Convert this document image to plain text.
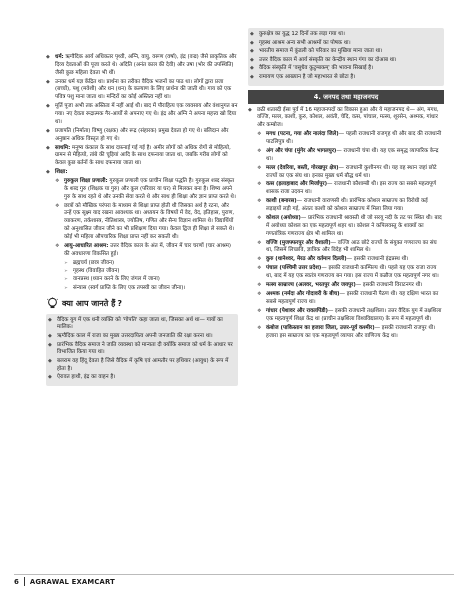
◆ धर्म: ऋग्वैदिक आर्य अधिकतर पृथ्वी, अग्नि, वायु, वरूण (वर्षा), इंद्र (वज्र) जैसे प्राकृतिक और दिव्य देवताओं की पूजा करते थे। अदिति (अनंत काल की देवी) और उषा (भोर की उपस्थिति) जैसी कुछ महिला देवता भी थीं।
◆ उनका धर्म यज्ञ केंद्रित था। प्रार्थना का तरीका वैदिक भजनों का पाठ था। लोगों द्वारा प्रजा (बच्चों), पशु (मवेशी) और धन (धन) के कल्याण के लिए प्रार्थना की जाती थी। गाय को एक पवित्र पशु माना जाता था। मन्दिरों का कोई अस्तित्व नहीं था।
◆ मूर्ति पूजा अभी तक अस्तित्व में नहीं आई थी। बाद में पौराहित्य एक व्यवसाय और वंशानुगत बन गया। नए देवता रूद्रात्मक गैर-आर्यों से अपनाए गए थे। इंद्र और अग्नि ने अपना महत्त्व खो दिया था।
◆ प्रजापति (निर्माता) विष्णु (रक्षक) और रूद्र (संहारक) प्रमुख देवता हो गए थे। बलिदान और अनुष्ठान अधिक विस्तृत हो गए थे।
◆ साथमि: मनुष्य कंकाल के साथ दफ़नाई गई गई है। अमीर लोगों को अधिक रोगों से मोहित्यो, ग्रामन से मेहित्यो, तांबे की चूड़ियां आदि के साथ दफनाया जाता था, जबकि गरीब लोगों को केवल कुछ बर्तनों के साथ दफनाया जाता था।
◆ शिक्षा:
❖ गुरुकुल शिक्षा प्रणाली: गुरुकुल प्रणाली एक प्राचीन शिक्षा पद्धति है। गुरुकुल शब्द संस्कृत के शब्द गुरु (शिक्षक या गुरु) और कुल (परिवार या घर) से मिलकर बना है। शिष्य अपने गुरु के साथ रहते थे और उनकी सेवा करते थे और साथ ही शिक्षा और ज्ञान प्राप्त करते थे।
❖ छात्रों को मौखिक परंपरा के माध्यम से शिक्षा प्राप्त होती थी जिसका अर्थ है रटना, और उन्हें एक सूक्ष्म याद रखना आवश्यक था। अध्ययन के विषयों में वेद, वेद, इतिहास, पुराण, व्याकरण, तर्कशास्त्र, नीतिशास्त्र, ज्योतिष, गणित और सैन्य विज्ञान शामिल थे। विद्यार्थियों को अनुशासित जीवन जीने का भी प्रशिक्षण दिया गया। केवल द्विज ही शिक्षा ले सकते थे। कोई भी महिला औपचारिक शिक्षा प्राप्त नहीं कर सकती थी।
❖ आयु-आधारित आश्रम: उत्तर वैदिक काल के अंत में, जीवन में चार चरणों (चार आश्रम) की अवधारणा विकसित हुई।
➢ ब्रह्मचर्य (छात्र जीवन)
➢ गृहस्थ (विवाहित जीवन)
➢ वानप्रस्थ (ध्यान करने के लिए जंगल में जाना)
➢ संन्यास (स्वर्ग प्राप्ति के लिए एक तपस्वी का जीवन जीना)।
क्या आप जानते हैं ?
◆ वैदिक युग में एक धनी व्यक्ति को 'गोपति' कहा जाता था, जिसका अर्थ था— गायों का मालिक।
◆ ऋग्वैदिक काल में राजा का मुख्य उत्तरदायित्व अपनी जनजाति की रक्षा करना था।
◆ प्रारंभिक वैदिक समाज ने जाति व्यवस्था को मान्यता दी क्योंकि समाज को धर्म के आधार पर विभाजित किया गया था।
◆ बलराम वह हिंदू देवता है जिसे वैदिक में कृषि एवं आमतौर पर हथियार (आयुध) के रूप में होता है।
◆ ऐरावत हाथी, इंद्र का वाहन है।
◆ कुरुक्षेत्र का युद्ध 12 दिनों तक लड़ा गया था।
◆ गृहस्थ आश्रम अन्य सभी आश्रमों का पोषक था।
◆ भारतीय समाज में कुंडली को परिवार का मुखिया माना जाता था।
◆ उत्तर वैदिक काल में आर्य संस्कृति का केन्द्रीय स्थान गंगा का दोआब था।
◆ वैदिक संस्कृति में 'वसुधैव कुटुम्बकम्' की भावना सिखाई है।
◆ रामायण एक आख्यान है जो महाभारत से छोटा है।
4. जनपद तथा महाजनपद
◆ छठी शताब्दी ईसा पूर्व में 16 महाजनपदों का विकास हुआ और ये महाजनपद थे— अंग, मगध, वज्जि, मल्ल, काशी, कुरु, कोशल, अवंती, चेदि, वत्स, पांचाल, मत्स्य, शूरसेन, अश्मक, गांधार और कम्बोज।
❖ मगध (पटना, गया और नालंदा जिले)— पहली राजधानी राजगृह थी और बाद की राजधानी पाटलिपुत्र थी।
❖ अंग और चंपा (मुंगेर और भागलपुर)— राजधानी चंपा थी। यह एक समृद्ध व्यापारिक केन्द्र था।
❖ मल्ल (देवरिया, बस्ती, गोरखपुर क्षेत्र)— राजधानी कुशीनगर थी। यह वह स्थान जहां छोटे राज्यों का एक संघ था। इनका मुख्य धर्म बौद्ध धर्म था।
❖ वत्स (इलाहाबाद और मिर्जापुर)— राजधानी कौशाम्बी थी। इस राज्य का सबसे महत्वपूर्ण शासक राजा उदयन था।
❖ काशी (बनारस)— राजधानी वाराणसी थी। प्रारंभिक कोशल साम्राज्य का विरोधी कई लड़ाइयों लड़ी गई, अंततः काशी को कोशल साम्राज्य में मिला लिया गया।
❖ कोशल (अयोध्या)— प्रारंभिक राजधानी श्रावस्ती थी जो सरयू नदी के तट पर स्थित थी। बाद में अयोध्या कोशल का एक महत्वपूर्ण शहर था। कोशल ने कपिलवस्तु के शाक्यों का गणतांत्रिक गणराज्य क्षेत्र भी शामिल था।
❖ वज्जि (मुजफ्फरपुर और वैशाली)— वज्जि आठ छोटे राज्यों के संयुक्त गणराज्य का संघ था, जिसमें लिच्छवि, ज्ञात्रिक और विदेह भी शामिल थे।
❖ कुरु (थानेश्वर, मेरठ और वर्तमान दिल्ली)— इसकी राजधानी इंद्रप्रस्थ थी।
❖ पंचाल (पश्चिमी उत्तर प्रदेश)— इसकी राजधानी काम्पिल्य थी। पहले यह एक राजा राज्य था, बाद में यह एक स्वतंत्र गणराज्य बन गया। इस राज्य में कन्नौज एक महत्वपूर्ण नगर था।
❖ मत्स्य साम्राज्य (अलवर, भरतपुर और जयपुर)— इसकी राजधानी विराटनगर थी।
❖ अश्मक (नर्मदा और गोदावरी के बीच)— इसकी राजधानी पैठण थी। यह दक्षिण भारत का सबसे महत्वपूर्ण राज्य था।
❖ गांधार (पेशावर और रावलपिंडी)— इसकी राजधानी तक्षशिला। उत्तर वैदिक युग में तक्षशिला एक महत्वपूर्ण शिक्षा केंद्र था (प्राचीन तक्षशिला विश्वविद्यालय) के रूप में महत्वपूर्ण थी।
❖ कंबोज (पाकिस्तान का हजारा जिला, उत्तर-पूर्व कश्मीर)— इसकी राजधानी राजपुर थी। हजारा इस साम्राज्य का एक महत्वपूर्ण व्यापार और वाणिज्य केंद्र था।
6 AGRAWAL EXAMCART
